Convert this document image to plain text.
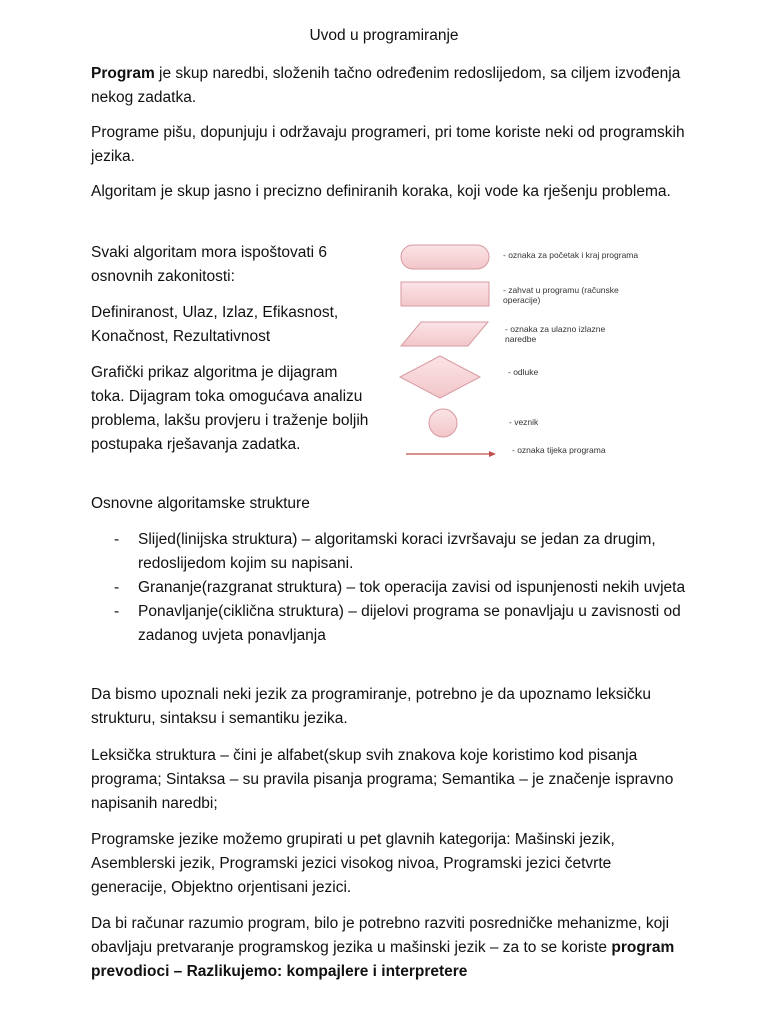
Uvod u programiranje

Program je skup naredbi, složenih tačno određenim redoslijedom, sa ciljem izvođenja nekog zadatka.

Programe pišu, dopunjuju i održavaju programeri, pri tome koriste neki od programskih jezika.

Algoritam je skup jasno i precizno definiranih koraka, koji vode ka rješenju problema.

Svaki algoritam mora ispoštovati 6 osnovnih zakonitosti:

Definiranost, Ulaz, Izlaz, Efikasnost, Konačnost, Rezultativnost

Grafički prikaz algoritma je dijagram toka. Dijagram toka omogućava analizu problema, lakšu provjeru i traženje boljih postupaka rješavanja zadatka.

Osnovne algoritamske strukture

- Slijed(linijska struktura) – algoritamski koraci izvršavaju se jedan za drugim, redoslijedom kojim su napisani.
- Grananje(razgranat struktura) – tok operacija zavisi od ispunjenosti nekih uvjeta
- Ponavljanje(ciklična struktura) – dijelovi programa se ponavljaju u zavisnosti od zadanog uvjeta ponavljanja

Da bismo upoznali neki jezik za programiranje, potrebno je da upoznamo leksičku strukturu, sintaksu i semantiku jezika.

Leksička struktura – čini je alfabet(skup svih znakova koje koristimo kod pisanja programa; Sintaksa – su pravila pisanja programa; Semantika – je značenje ispravno napisanih naredbi;

Programske jezike možemo grupirati u pet glavnih kategorija: Mašinski jezik, Asemblerski jezik, Programski jezici visokog nivoa, Programski jezici četvrte generacije, Objektno orjentisani jezici.

Da bi računar razumio program, bilo je potrebno razviti posredničke mehanizme, koji obavljaju pretvaranje programskog jezika u mašinski jezik – za to se koriste program prevodioci – Razlikujemo: kompajlere i interpretere

- oznaka za početak i kraj programa
- zahvat u programu (računske
operacije)
- oznaka za ulazno izlazne
naredbe
- odluke
- veznik
- oznaka tijeka programa
